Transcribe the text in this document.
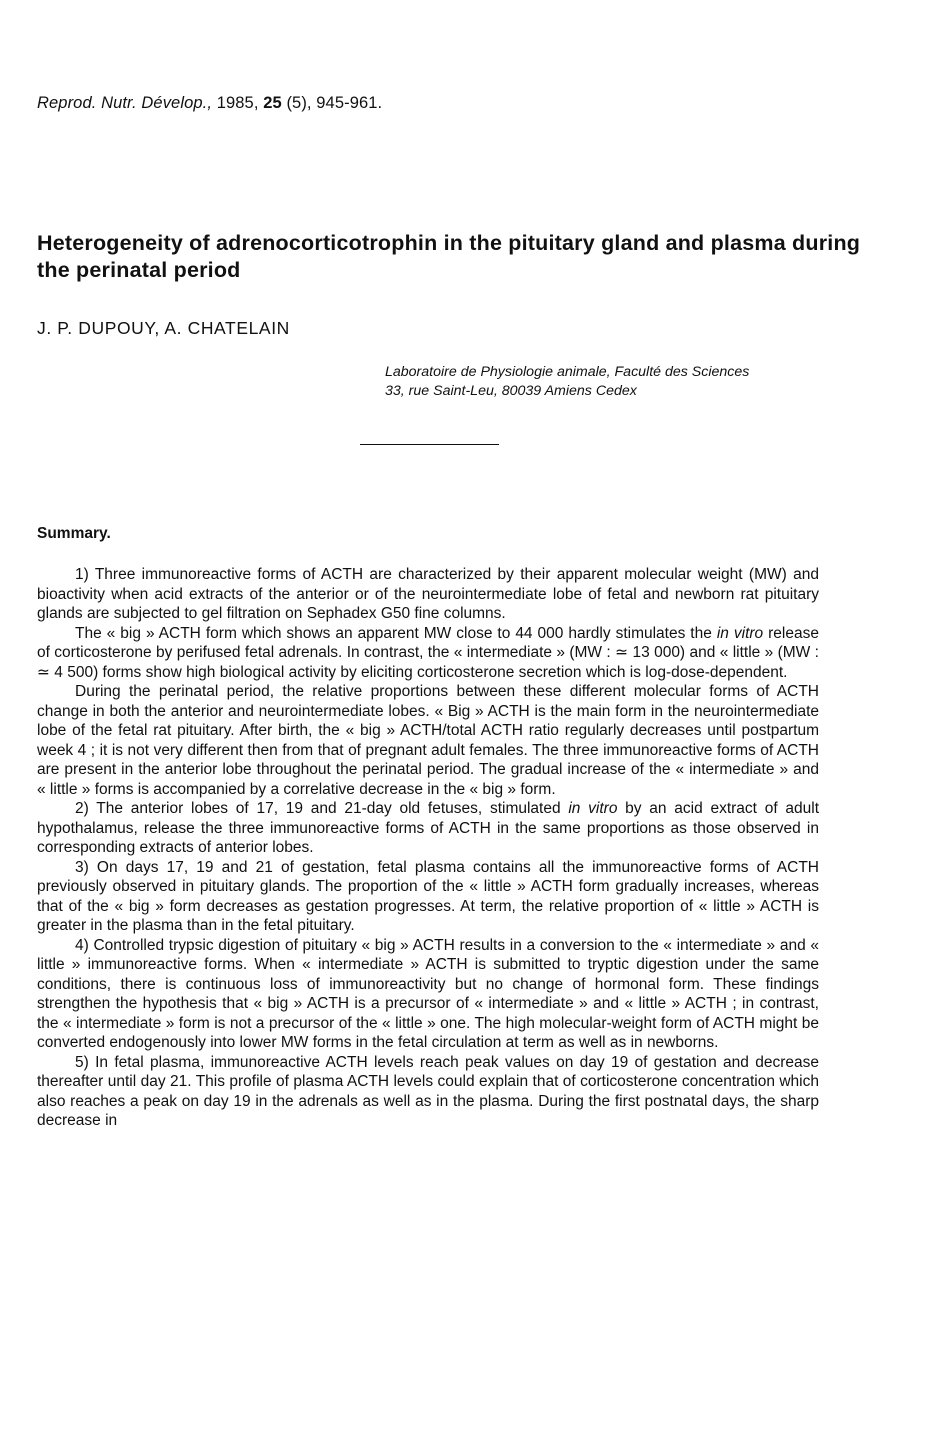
Reprod. Nutr. Dévelop., 1985, 25 (5), 945-961.
Heterogeneity of adrenocorticotrophin in the pituitary gland and plasma during the perinatal period
J. P. DUPOUY, A. CHATELAIN
Laboratoire de Physiologie animale, Faculté des Sciences
33, rue Saint-Leu, 80039 Amiens Cedex
Summary.

1) Three immunoreactive forms of ACTH are characterized by their apparent molecular weight (MW) and bioactivity when acid extracts of the anterior or of the neurointermediate lobe of fetal and newborn rat pituitary glands are subjected to gel filtration on Sephadex G50 fine columns.

The « big » ACTH form which shows an apparent MW close to 44 000 hardly stimulates the in vitro release of corticosterone by perifused fetal adrenals. In contrast, the « intermediate » (MW : ≃ 13 000) and « little » (MW : ≃ 4 500) forms show high biological activity by eliciting corticosterone secretion which is log-dose-dependent.

During the perinatal period, the relative proportions between these different molecular forms of ACTH change in both the anterior and neurointermediate lobes. « Big » ACTH is the main form in the neurointermediate lobe of the fetal rat pituitary. After birth, the « big » ACTH/total ACTH ratio regularly decreases until postpartum week 4 ; it is not very different then from that of pregnant adult females. The three immunoreactive forms of ACTH are present in the anterior lobe throughout the perinatal period. The gradual increase of the « intermediate » and « little » forms is accompanied by a correlative decrease in the « big » form.

2) The anterior lobes of 17, 19 and 21-day old fetuses, stimulated in vitro by an acid extract of adult hypothalamus, release the three immunoreactive forms of ACTH in the same proportions as those observed in corresponding extracts of anterior lobes.

3) On days 17, 19 and 21 of gestation, fetal plasma contains all the immunoreactive forms of ACTH previously observed in pituitary glands. The proportion of the « little » ACTH form gradually increases, whereas that of the « big » form decreases as gestation progresses. At term, the relative proportion of « little » ACTH is greater in the plasma than in the fetal pituitary.

4) Controlled trypsic digestion of pituitary « big » ACTH results in a conversion to the « intermediate » and « little » immunoreactive forms. When « intermediate » ACTH is submitted to tryptic digestion under the same conditions, there is continuous loss of immunoreactivity but no change of hormonal form. These findings strengthen the hypothesis that « big » ACTH is a precursor of « intermediate » and « little » ACTH ; in contrast, the « intermediate » form is not a precursor of the « little » one. The high molecular-weight form of ACTH might be converted endogenously into lower MW forms in the fetal circulation at term as well as in newborns.

5) In fetal plasma, immunoreactive ACTH levels reach peak values on day 19 of gestation and decrease thereafter until day 21. This profile of plasma ACTH levels could explain that of corticosterone concentration which also reaches a peak on day 19 in the adrenals as well as in the plasma. During the first postnatal days, the sharp decrease in
